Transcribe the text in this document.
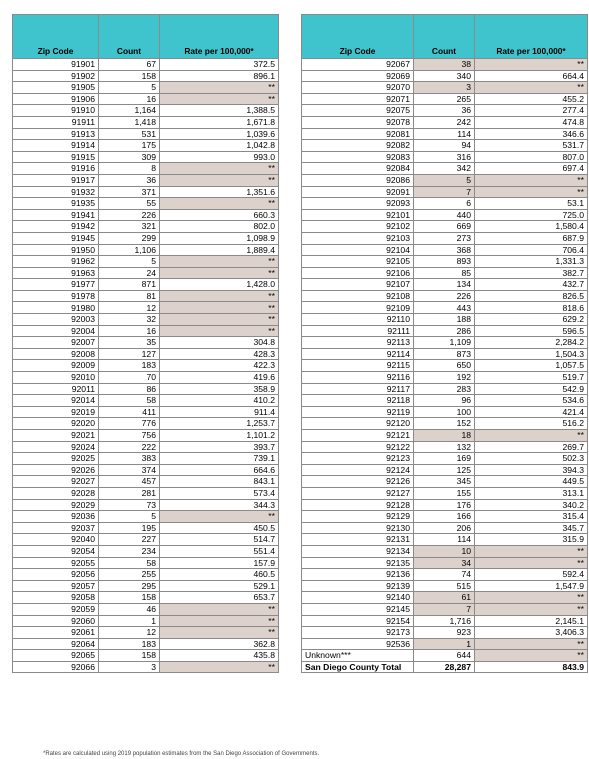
Zip Code	Count	Rate per 100,000*
91901	67	372.5
91902	158	896.1
91905	5	**
91906	16	**
91910	1,164	1,388.5
91911	1,418	1,671.8
91913	531	1,039.6
91914	175	1,042.8
91915	309	993.0
91916	8	**
91917	36	**
91932	371	1,351.6
91935	55	**
91941	226	660.3
91942	321	802.0
91945	299	1,098.9
91950	1,106	1,889.4
91962	5	**
91963	24	**
91977	871	1,428.0
91978	81	**
91980	12	**
92003	32	**
92004	16	**
92007	35	304.8
92008	127	428.3
92009	183	422.3
92010	70	419.6
92011	86	358.9
92014	58	410.2
92019	411	911.4
92020	776	1,253.7
92021	756	1,101.2
92024	222	393.7
92025	383	739.1
92026	374	664.6
92027	457	843.1
92028	281	573.4
92029	73	344.3
92036	5	**
92037	195	450.5
92040	227	514.7
92054	234	551.4
92055	58	157.9
92056	255	460.5
92057	295	529.1
92058	158	653.7
92059	46	**
92060	1	**
92061	12	**
92064	183	362.8
92065	158	435.8
92066	3	**
Zip Code	Count	Rate per 100,000*
92067	38	**
92069	340	664.4
92070	3	**
92071	265	455.2
92075	36	277.4
92078	242	474.8
92081	114	346.6
92082	94	531.7
92083	316	807.0
92084	342	697.4
92086	5	**
92091	7	**
92093	6	53.1
92101	440	725.0
92102	669	1,580.4
92103	273	687.9
92104	368	706.4
92105	893	1,331.3
92106	85	382.7
92107	134	432.7
92108	226	826.5
92109	443	818.6
92110	188	629.2
92111	286	596.5
92113	1,109	2,284.2
92114	873	1,504.3
92115	650	1,057.5
92116	192	519.7
92117	283	542.9
92118	96	534.6
92119	100	421.4
92120	152	516.2
92121	18	**
92122	132	269.7
92123	169	502.3
92124	125	394.3
92126	345	449.5
92127	155	313.1
92128	176	340.2
92129	166	315.4
92130	206	345.7
92131	114	315.9
92134	10	**
92135	34	**
92136	74	592.4
92139	515	1,547.9
92140	61	**
92145	7	**
92154	1,716	2,145.1
92173	923	3,406.3
92536	1	**
Unknown***	644	**
San Diego County Total	28,287	843.9
*Rates are calculated using 2019 population estimates from the San Diego Association of Governments.
